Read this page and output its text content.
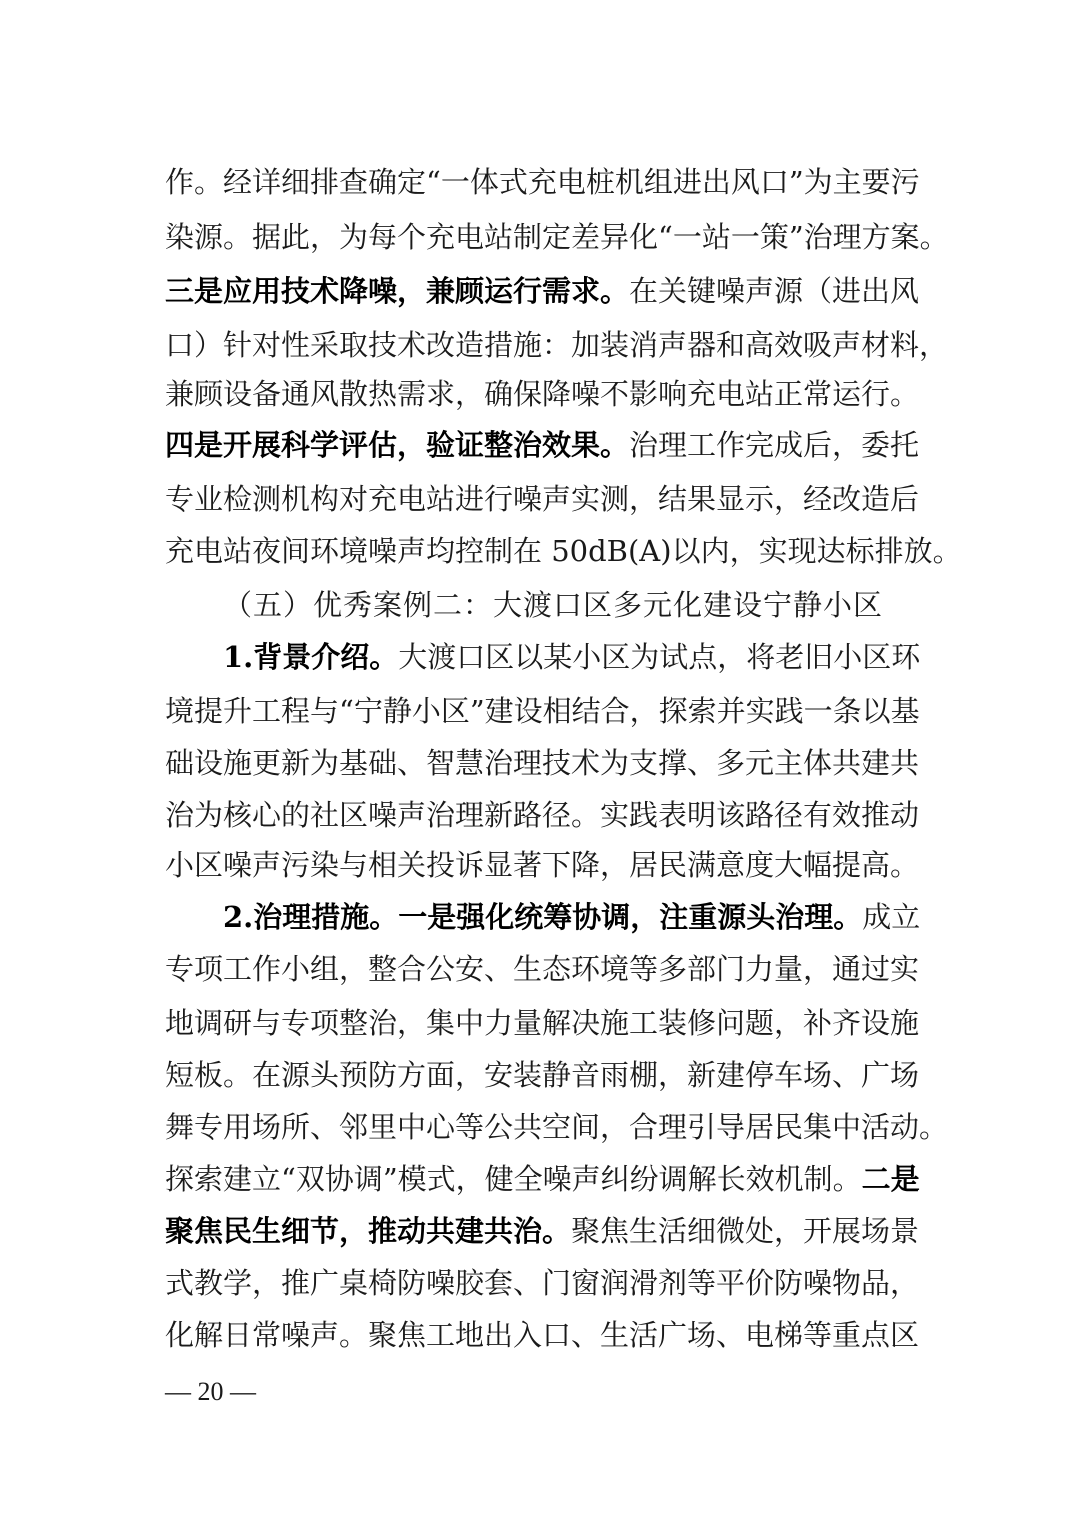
作。经详细排查确定“一体式充电桩机组进出风口”为主要污
染源。据此，为每个充电站制定差异化“一站一策”治理方案。
三是应用技术降噪，兼顾运行需求。在关键噪声源（进出风
口）针对性采取技术改造措施：加装消声器和高效吸声材料，
兼顾设备通风散热需求，确保降噪不影响充电站正常运行。
四是开展科学评估，验证整治效果。治理工作完成后，委托
专业检测机构对充电站进行噪声实测，结果显示，经改造后
充电站夜间环境噪声均控制在 50dB(A)以内，实现达标排放。
（五）优秀案例二：大渡口区多元化建设宁静小区
1.背景介绍。大渡口区以某小区为试点，将老旧小区环
境提升工程与“宁静小区”建设相结合，探索并实践一条以基
础设施更新为基础、智慧治理技术为支撑、多元主体共建共
治为核心的社区噪声治理新路径。实践表明该路径有效推动
小区噪声污染与相关投诉显著下降，居民满意度大幅提高。
2.治理措施。一是强化统筹协调，注重源头治理。成立
专项工作小组，整合公安、生态环境等多部门力量，通过实
地调研与专项整治，集中力量解决施工装修问题，补齐设施
短板。在源头预防方面，安装静音雨棚，新建停车场、广场
舞专用场所、邻里中心等公共空间，合理引导居民集中活动。
探索建立“双协调”模式，健全噪声纠纷调解长效机制。二是
聚焦民生细节，推动共建共治。聚焦生活细微处，开展场景
式教学，推广桌椅防噪胶套、门窗润滑剂等平价防噪物品，
化解日常噪声。聚焦工地出入口、生活广场、电梯等重点区
— 20 —
